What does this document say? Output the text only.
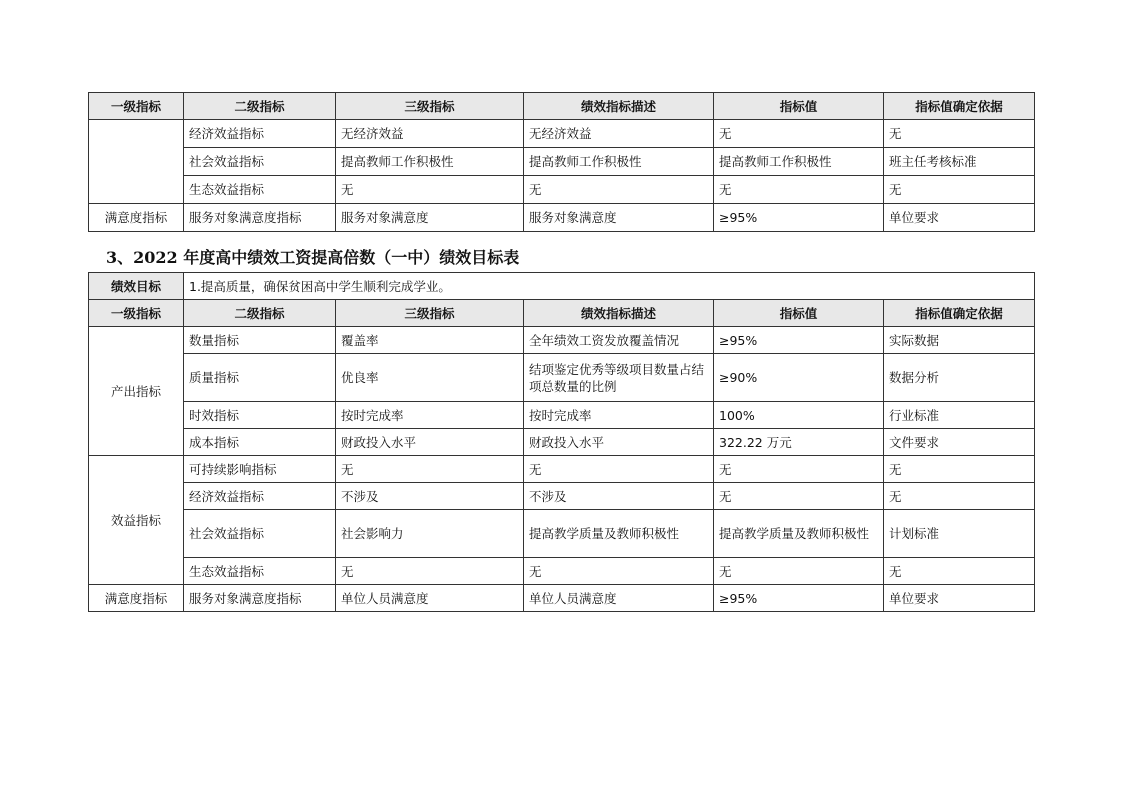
一级指标	二级指标	三级指标	绩效指标描述	指标值	指标值确定依据
	经济效益指标	无经济效益	无经济效益	无	无
	社会效益指标	提高教师工作积极性	提高教师工作积极性	提高教师工作积极性	班主任考核标准
	生态效益指标	无	无	无	无
满意度指标	服务对象满意度指标	服务对象满意度	服务对象满意度	≥95%	单位要求
3、2022 年度高中绩效工资提高倍数（一中）绩效目标表
绩效目标	1.提高质量，确保贫困高中学生顺利完成学业。				
一级指标	二级指标	三级指标	绩效指标描述	指标值	指标值确定依据
产出指标	数量指标	覆盖率	全年绩效工资发放覆盖情况	≥95%	实际数据
	质量指标	优良率	结项鉴定优秀等级项目数量占结项总数量的比例	≥90%	数据分析
	时效指标	按时完成率	按时完成率	100%	行业标准
	成本指标	财政投入水平	财政投入水平	322.22 万元	文件要求
效益指标	可持续影响指标	无	无	无	无
	经济效益指标	不涉及	不涉及	无	无
	社会效益指标	社会影响力	提高教学质量及教师积极性	提高教学质量及教师积极性	计划标准
	生态效益指标	无	无	无	无
满意度指标	服务对象满意度指标	单位人员满意度	单位人员满意度	≥95%	单位要求
